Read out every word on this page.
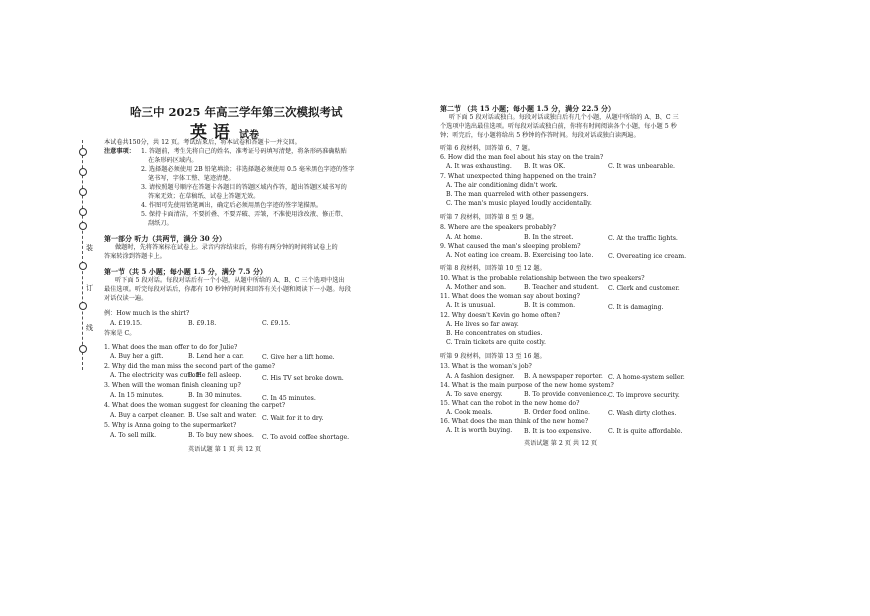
装
订
线
哈三中 2025 年高三学年第三次模拟考试
英 语 试卷
本试卷共150分，共 12 页。考试结束后，将本试卷和答题卡一并交回。
注意事项： 1. 答题前，考生先将自己的姓名、准考证号码填写清楚，将条形码准确粘贴
在条形码区域内。
2. 选择题必须使用 2B 铅笔填涂；非选择题必须使用 0.5 毫米黑色字迹的签字
笔书写，字体工整、笔迹清楚。
3. 请按照题号顺序在答题卡各题目的答题区域内作答，超出答题区域书写的
答案无效；在草稿纸、试卷上答题无效。
4. 作图可先使用铅笔画出，确定后必须用黑色字迹的签字笔描黑。
5. 保持卡面清洁，不要折叠、不要弄破、弄皱，不准使用涂改液、修正带、
刮纸刀。
第一部分 听力（共两节，满分 30 分）
做题时，先将答案标在试卷上。录音内容结束后，你将有两分钟的时间将试卷上的
答案转涂到答题卡上。
第一节（共 5 小题；每小题 1.5 分，满分 7.5 分）
听下面 5 段对话。每段对话后有一个小题，从题中所给的 A、B、C 三个选项中选出
最佳选项。听完每段对话后，你都有 10 秒钟的时间来回答有关小题和阅读下一小题。每段
对话仅读一遍。
例：How much is the shirt?
A. £19.15.	B. £9.18.	C. £9.15.
答案是 C。
1. What does the man offer to do for Julie?
A. Buy her a gift.	B. Lend her a car.	C. Give her a lift home.
2. Why did the man miss the second part of the game?
A. The electricity was cut off.
B. He fell asleep.	C. His TV set broke down.
3. When will the woman finish cleaning up?
A. In 15 minutes.	B. In 30 minutes.	C. In 45 minutes.
4. What does the woman suggest for cleaning the carpet?
A. Buy a carpet cleaner. B. Use salt and water. C. Wait for it to dry.
5. Why is Anna going to the supermarket?
A. To sell milk.	B. To buy new shoes. C. To avoid coffee shortage.
英语试题 第 1 页 共 12 页
第二节 （共 15 小题；每小题 1.5 分，满分 22.5 分）
听下面 5 段对话或独白。每段对话或独白后有几个小题，从题中所给的 A、B、C 三
个选项中选出最佳选项。听每段对话或独白前，你将有时间阅读各个小题，每小题 5 秒
钟；听完后，每小题将给出 5 秒钟的作答时间。每段对话或独白读两遍。
听第 6 段材料，回答第 6、7 题。
6. How did the man feel about his stay on the train?
A. It was exhausting. B. It was OK.	C. It was unbearable.
7. What unexpected thing happened on the train?
A. The air conditioning didn't work.
B. The man quarreled with other passengers.
C. The man's music played loudly accidentally.
听第 7 段材料，回答第 8 至 9 题。
8. Where are the speakers probably?
A. At home.	B. In the street.	C. At the traffic lights.
9. What caused the man's sleeping problem?
A. Not eating ice cream. B. Exercising too late. C. Overeating ice cream.
听第 8 段材料，回答第 10 至 12 题。
10. What is the probable relationship between the two speakers?
A. Mother and son.	B. Teacher and student. C. Clerk and customer.
11. What does the woman say about boxing?
A. It is unusual.	B. It is common.	C. It is damaging.
12. Why doesn't Kevin go home often?
A. He lives so far away.
B. He concentrates on studies.
C. Train tickets are quite costly.
听第 9 段材料，回答第 13 至 16 题。
13. What is the woman's job?
A. A fashion designer. B. A newspaper reporter. C. A home-system seller.
14. What is the main purpose of the new home system?
A. To save energy.	B. To provide convenience. C. To improve security.
15. What can the robot in the new home do?
A. Cook meals.	B. Order food online.	C. Wash dirty clothes.
16. What does the man think of the new home?
A. It is worth buying. B. It is too expensive.	C. It is quite affordable.
英语试题 第 2 页 共 12 页
